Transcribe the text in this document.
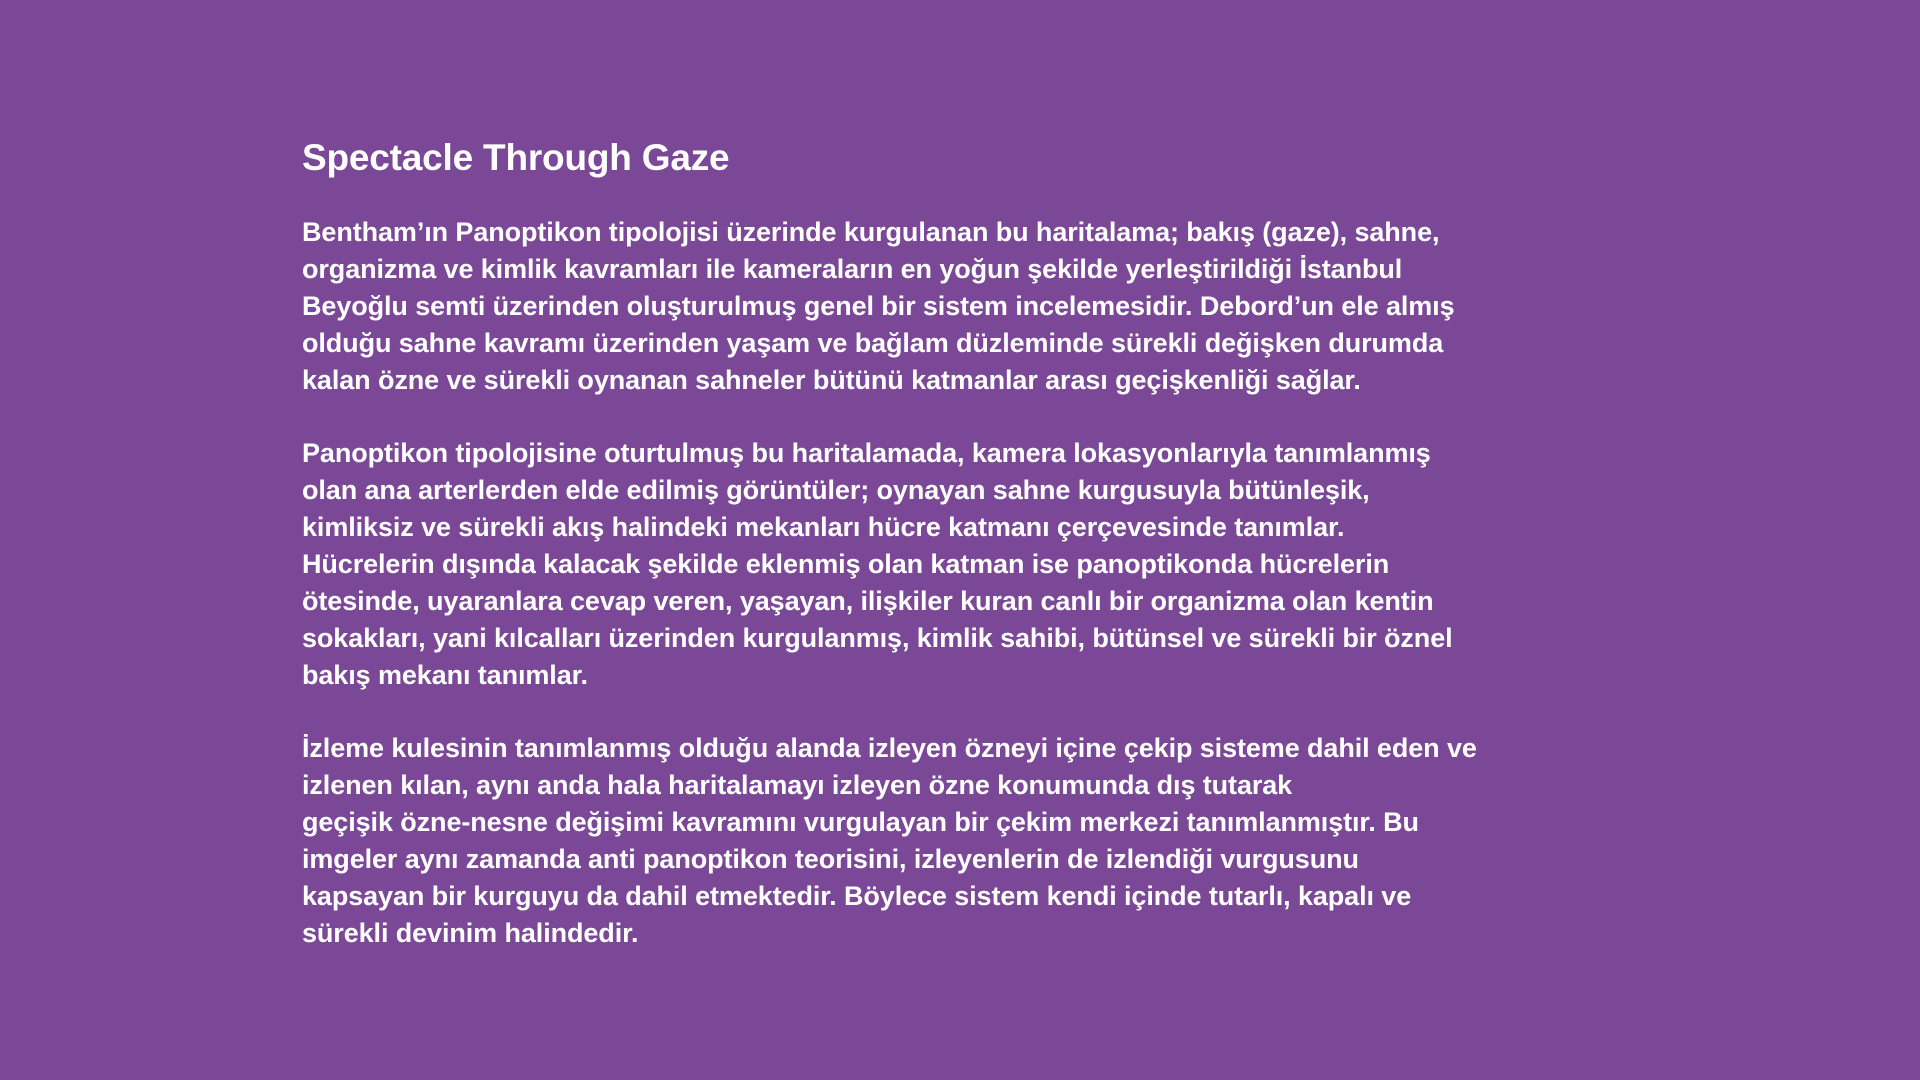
Spectacle Through Gaze

Bentham’ın Panoptikon tipolojisi üzerinde kurgulanan bu haritalama; bakış (gaze), sahne,
organizma ve kimlik kavramları ile kameraların en yoğun şekilde yerleştirildiği İstanbul
Beyoğlu semti üzerinden oluşturulmuş genel bir sistem incelemesidir. Debord’un ele almış
olduğu sahne kavramı üzerinden yaşam ve bağlam düzleminde sürekli değişken durumda
kalan özne ve sürekli oynanan sahneler bütünü katmanlar arası geçişkenliği sağlar.

Panoptikon tipolojisine oturtulmuş bu haritalamada, kamera lokasyonlarıyla tanımlanmış
olan ana arterlerden elde edilmiş görüntüler; oynayan sahne kurgusuyla bütünleşik,
kimliksiz ve sürekli akış halindeki mekanları hücre katmanı çerçevesinde tanımlar.
Hücrelerin dışında kalacak şekilde eklenmiş olan katman ise panoptikonda hücrelerin
ötesinde, uyaranlara cevap veren, yaşayan, ilişkiler kuran canlı bir organizma olan kentin
sokakları, yani kılcalları üzerinden kurgulanmış, kimlik sahibi, bütünsel ve sürekli bir öznel
bakış mekanı tanımlar.

İzleme kulesinin tanımlanmış olduğu alanda izleyen özneyi içine çekip sisteme dahil eden ve
izlenen kılan, aynı anda hala haritalamayı izleyen özne konumunda dış tutarak
geçişik özne-nesne değişimi kavramını vurgulayan bir çekim merkezi tanımlanmıştır. Bu
imgeler aynı zamanda anti panoptikon teorisini, izleyenlerin de izlendiği vurgusunu
kapsayan bir kurguyu da dahil etmektedir. Böylece sistem kendi içinde tutarlı, kapalı ve
sürekli devinim halindedir.
